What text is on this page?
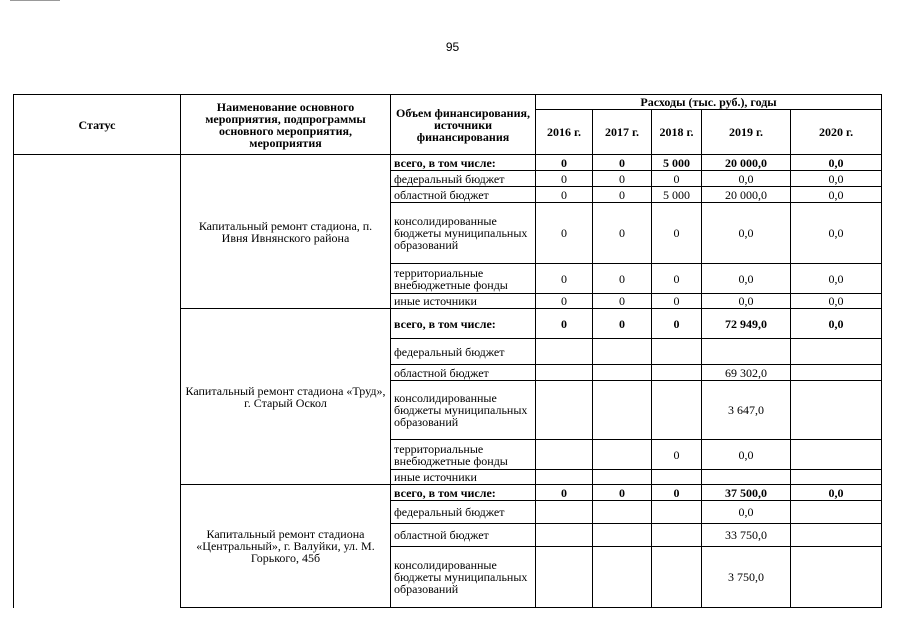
95
Статус	Наименование основного мероприятия, подпрограммы основного мероприятия, мероприятия	Объем финансирования, источники финансирования	Расходы (тыс. руб.), годы				
			2016 г.	2017 г.	2018 г.	2019 г.	2020 г.
	Капитальный ремонт стадиона, п. Ивня Ивнянского района	всего, в том числе:	0	0	5 000	20 000,0	0,0
		федеральный бюджет	0	0	0	0,0	0,0
		областной бюджет	0	0	5 000	20 000,0	0,0
		консолидированные бюджеты муниципальных образований	0	0	0	0,0	0,0
		территориальные внебюджетные фонды	0	0	0	0,0	0,0
		иные источники	0	0	0	0,0	0,0
	Капитальный ремонт стадиона «Труд», г. Старый Оскол	всего, в том числе:	0	0	0	72 949,0	0,0
		федеральный бюджет					
		областной бюджет				69 302,0	
		консолидированные бюджеты муниципальных образований				3 647,0	
		территориальные внебюджетные фонды			0	0,0	
		иные источники					
	Капитальный ремонт стадиона «Центральный», г. Валуйки, ул. М. Горького, 45б	всего, в том числе:	0	0	0	37 500,0	0,0
		федеральный бюджет				0,0	
		областной бюджет				33 750,0	
		консолидированные бюджеты муниципальных образований				3 750,0	
